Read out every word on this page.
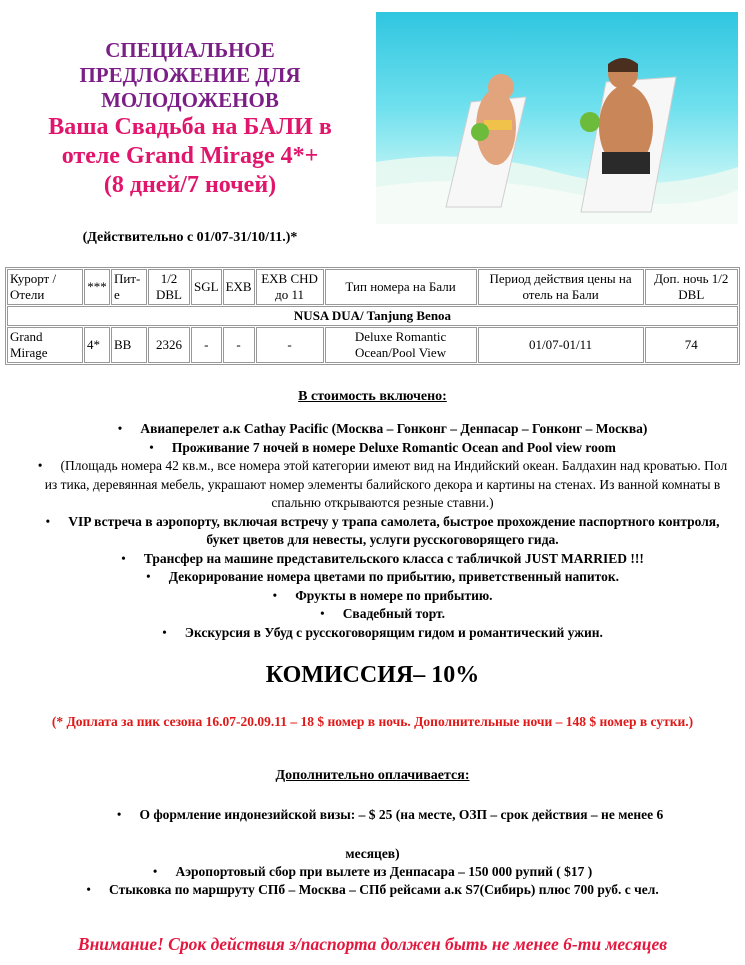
СПЕЦИАЛЬНОЕ
ПРЕДЛОЖЕНИЕ ДЛЯ
МОЛОДОЖЕНОВ
Ваша Свадьба на БАЛИ в
отеле Grand Mirage 4*+
(8 дней/7 ночей)
(Действительно с 01/07-31/10/11.)*
Курорт / Отели	***	Пит-е	1/2 DBL	SGL	EXB	EXB CHD до 11	Тип номера на Бали	Период действия цены на отель на Бали	Доп. ночь 1/2 DBL
NUSA DUA/ Tanjung Benoa									
Grand Mirage	4*	BB	2326	-	-	-	Deluxe Romantic Ocean/Pool View	01/07-01/11	74
В стоимость включено:
• Авиаперелет а.к Cathay Pacific (Москва – Гонконг – Денпасар – Гонконг – Москва)
• Проживание 7 ночей в номере Deluxe Romantic Ocean and Pool view room
• (Площадь номера 42 кв.м., все номера этой категории имеют вид на Индийский океан. Балдахин над кроватью. Пол из тика, деревянная мебель, украшают номер элементы балийского декора и картины на стенах. Из ванной комнаты в спальню открываются резные ставни.)
• VIP встреча в аэропорту, включая встречу у трапа самолета, быстрое прохождение паспортного контроля, букет цветов для невесты, услуги русскоговорящего гида.
• Трансфер на машине представительского класса с табличкой JUST MARRIED !!!
• Декорирование номера цветами по прибытию, приветственный напиток.
• Фрукты в номере по прибытию.
• Свадебный торт.
• Экскурсия в Убуд с русскоговорящим гидом и романтический ужин.
КОМИССИЯ– 10%
(* Доплата за пик сезона 16.07-20.09.11 – 18 $ номер в ночь. Дополнительные ночи – 148 $ номер в сутки.)
Дополнительно оплачивается:
• О формление индонезийской визы: – $ 25 (на месте, ОЗП – срок действия – не менее 6
месяцев)
• Аэропортовый сбор при вылете из Денпасара – 150 000 рупий ( $17 )
• Стыковка по маршруту СПб – Москва – СПб рейсами а.к S7(Сибирь) плюс 700 руб. с чел.
Внимание! Срок действия з/паспорта должен быть не менее 6-ти месяцев
